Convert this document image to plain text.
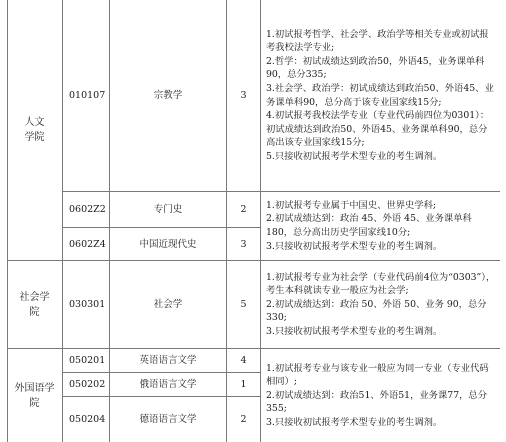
人文
学院
010107	宗教学	3
1.初试报考哲学、社会学、政治学等相关专业或初试报考我校法学专业;
2.哲学：初试成绩达到政治50，外语45，业务课单科90，总分335;
3.社会学、政治学：初试成绩达到政治50、外语45、业务课单科90，总分高于该专业国家线15分;
4.初试报考我校法学专业（专业代码前四位为0301）：初试成绩达到政治50、外语45、业务课单科90，总分高出该专业国家线15分;
5.只接收初试报考学术型专业的考生调剂。
0602Z2	专门史	2
0602Z4	中国近现代史	3
1.初试报考专业属于中国史、世界史学科;
2.初试成绩达到：政治 45、外语 45、业务课单科180，总分高出历史学国家线10分;
3.只接收初试报考学术型专业的考生调剂。
社会学
院
030301	社会学	5
1.初试报考专业为社会学（专业代码前4位为“0303”），考生本科就读专业一般应为社会学;
2.初试成绩达到：政治 50、外语 50、业务 90，总分330;
3.只接收初试报考学术型专业的考生调剂。
外国语学
院
050201	英语语言文学	4
050202	俄语语言文学	1
050204	德语语言文学	2
1.初试报考专业与该专业一般应为同一专业（专业代码相同）;
2.初试成绩达到：政治51、外语51，业务课77，总分355;
3.只接收初试报考学术型专业的考生调剂。
